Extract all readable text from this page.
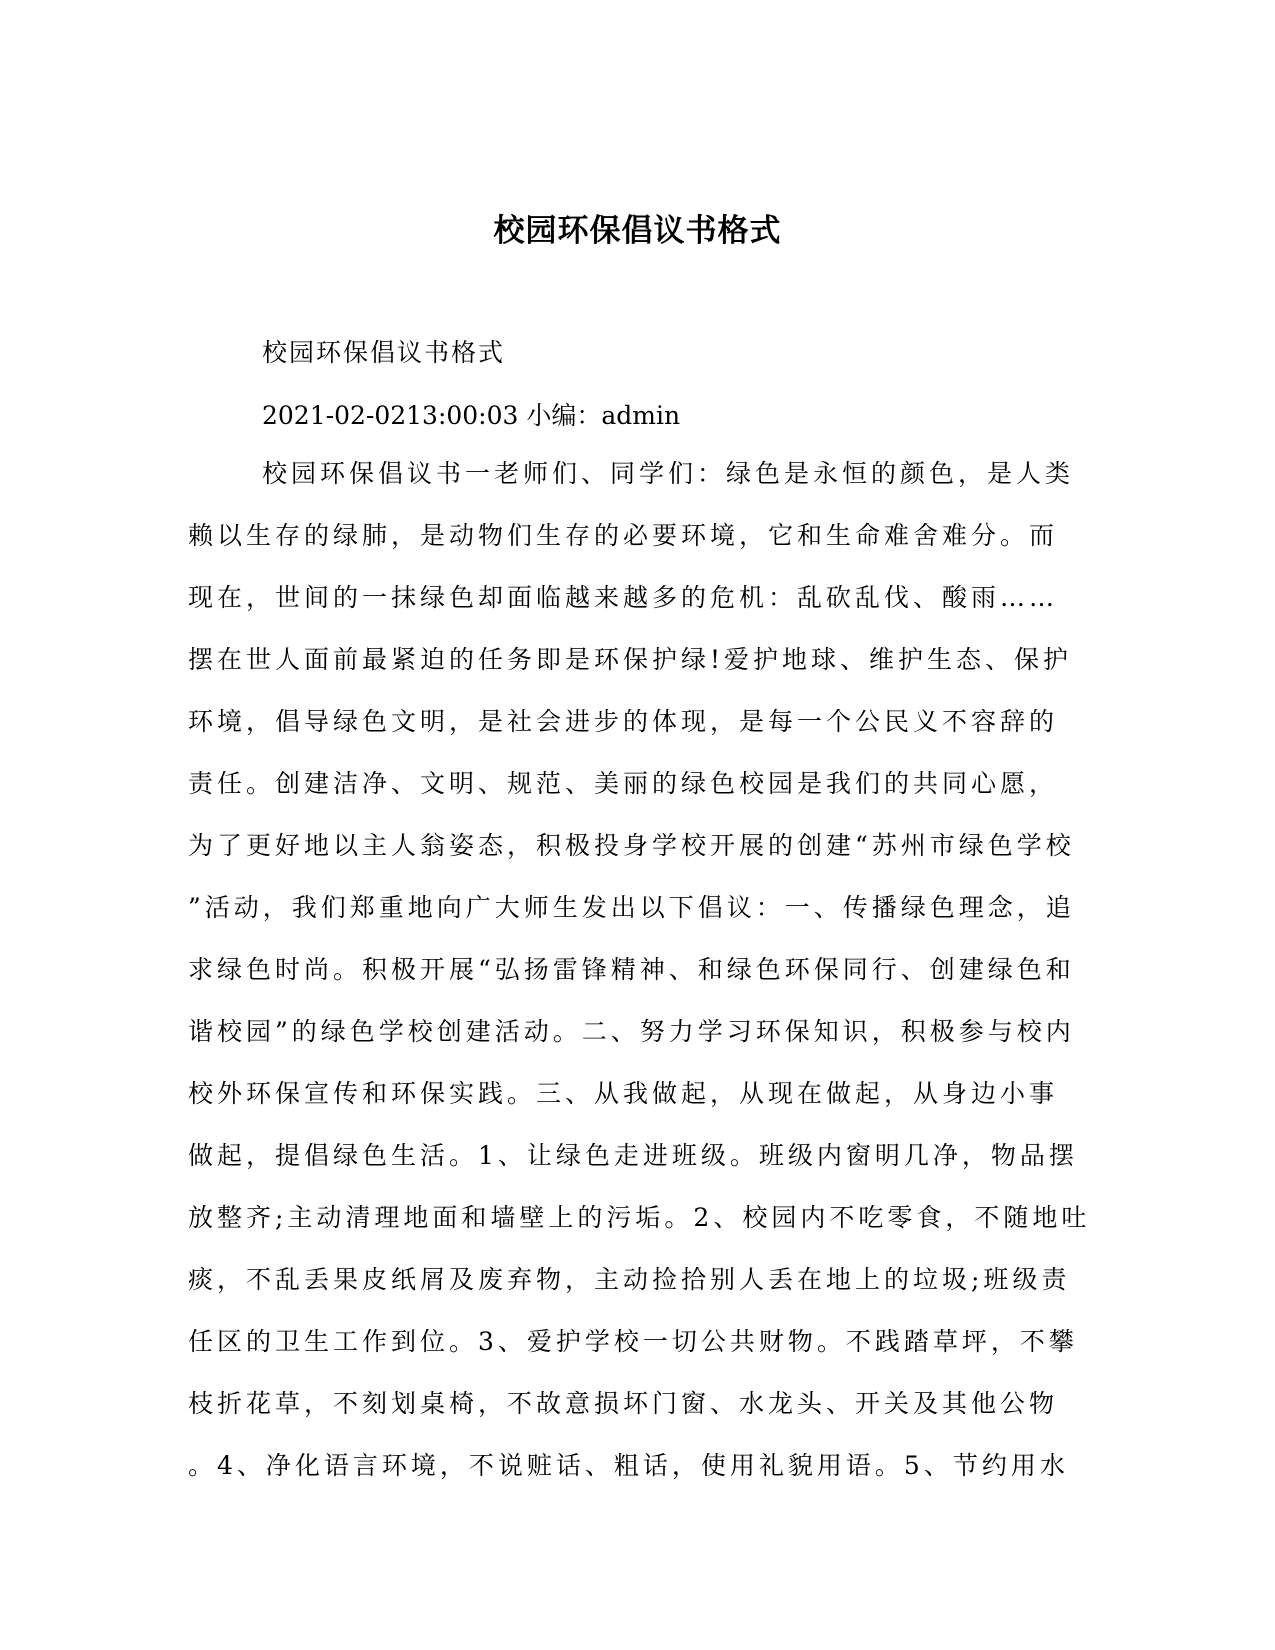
校园环保倡议书格式
校园环保倡议书格式
2021-02-0213:00:03 小编：admin
校园环保倡议书一老师们、同学们：绿色是永恒的颜色，是人类
赖以生存的绿肺，是动物们生存的必要环境，它和生命难舍难分。而
现在，世间的一抹绿色却面临越来越多的危机：乱砍乱伐、酸雨……
摆在世人面前最紧迫的任务即是环保护绿!爱护地球、维护生态、保护
环境，倡导绿色文明，是社会进步的体现，是每一个公民义不容辞的
责任。创建洁净、文明、规范、美丽的绿色校园是我们的共同心愿，
为了更好地以主人翁姿态，积极投身学校开展的创建“苏州市绿色学校
”活动，我们郑重地向广大师生发出以下倡议：一、传播绿色理念，追
求绿色时尚。积极开展“弘扬雷锋精神、和绿色环保同行、创建绿色和
谐校园”的绿色学校创建活动。二、努力学习环保知识，积极参与校内
校外环保宣传和环保实践。三、从我做起，从现在做起，从身边小事
做起，提倡绿色生活。1、让绿色走进班级。班级内窗明几净，物品摆
放整齐;主动清理地面和墙壁上的污垢。2、校园内不吃零食，不随地吐
痰，不乱丢果皮纸屑及废弃物，主动捡拾别人丢在地上的垃圾;班级责
任区的卫生工作到位。3、爱护学校一切公共财物。不践踏草坪，不攀
枝折花草，不刻划桌椅，不故意损坏门窗、水龙头、开关及其他公物
。4、净化语言环境，不说赃话、粗话，使用礼貌用语。5、节约用水
